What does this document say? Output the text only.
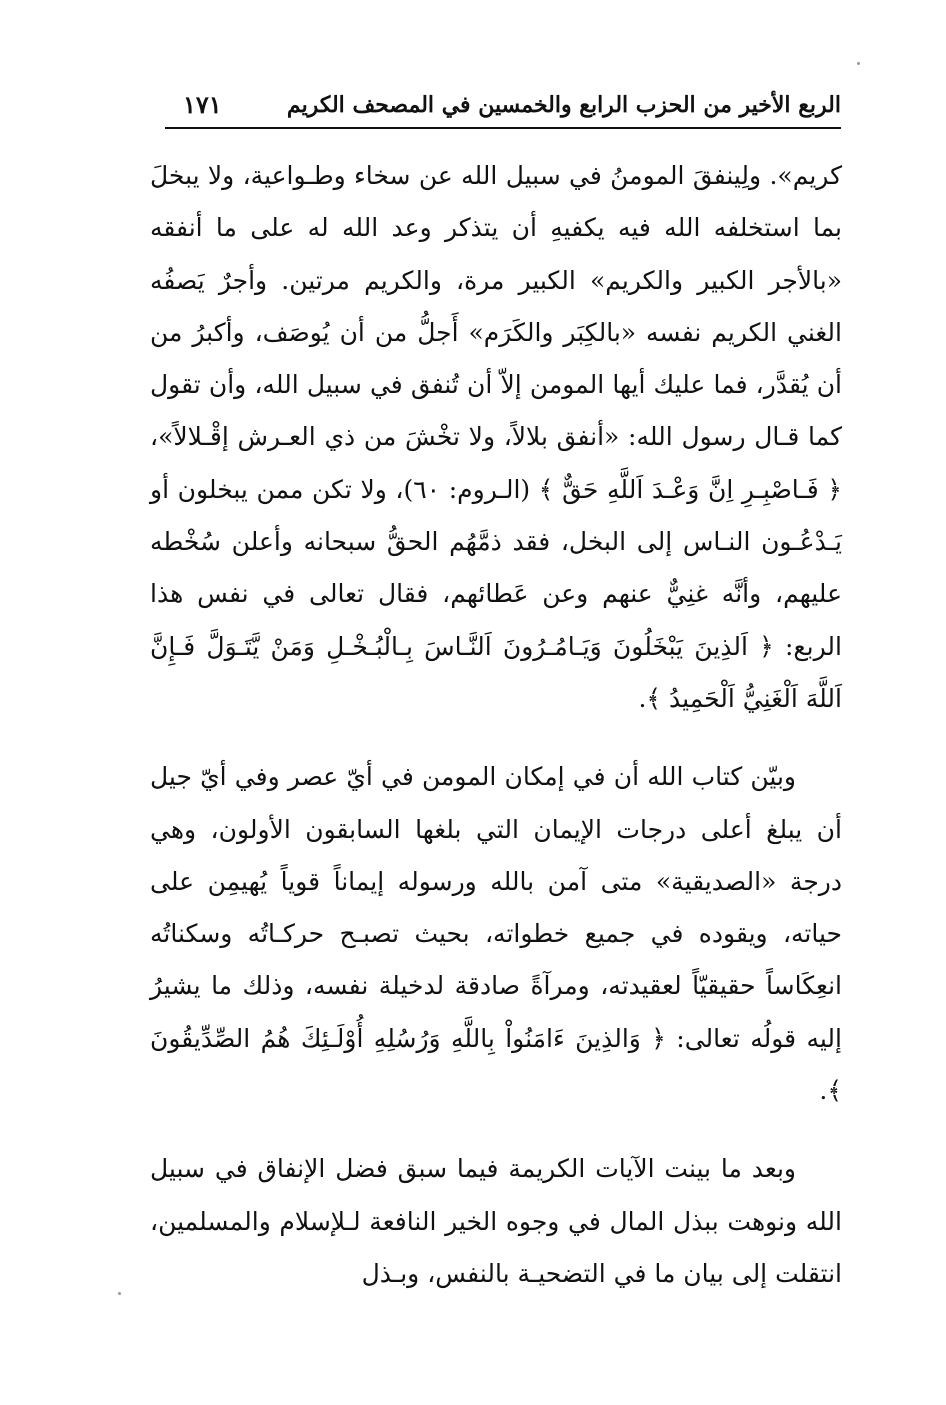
الربع الأخير من الحزب الرابع والخمسين في المصحف الكريم
١٧١

كريم». ولِينفقَ المومنُ في سبيل الله عن سخاء وطـواعية، ولا يبخلَ بما استخلفه الله فيه يكفيهِ أن يتذكر وعد الله له على ما أنفقه «بالأجر الكبير والكريم» الكبير مرة، والكريم مرتين. وأجرٌ يَصفُه الغني الكريم نفسه «بالكِبَر والكَرَم» أَجلُّ من أن يُوصَف، وأكبرُ من أن يُقدَّر، فما عليك أيها المومن إلاّ أن تُنفق في سبيل الله، وأن تقول كما قـال رسول الله: «أنفق بلالاً، ولا تخْشَ من ذي العـرش إقْـلالاً»، ﴿ فَـاصْبِـرِ اِنَّ وَعْـدَ اَللَّهِ حَقٌّ ﴾ (الـروم: ٦٠)، ولا تكن ممن يبخلون أو يَـدْعُـون النـاس إلى البخل، فقد ذمَّهُم الحقُّ سبحانه وأعلن سُخْطه عليهم، وأنَّه غنِيٌّ عنهم وعن عَطائهم، فقال تعالى في نفس هذا الربع: ﴿ اَلذِينَ يَبْخَلُونَ وَيَـامُـرُونَ اَلنَّـاسَ بِـالْبُـخْـلِ وَمَنْ يَّتَـوَلَّ فَـإِنَّ اَللَّهَ اَلْغَنِيُّ اَلْحَمِيدُ ﴾.

وبيّن كتاب الله أن في إمكان المومن في أيّ عصر وفي أيّ جيل أن يبلغ أعلى درجات الإيمان التي بلغها السابقون الأولون، وهي درجة «الصديقية» متى آمن بالله ورسوله إيماناً قوياً يُهيمِن على حياته، ويقوده في جميع خطواته، بحيث تصبـح حركـاتُه وسكناتُه انعِكَاساً حقيقيّاً لعقيدته، ومرآةً صادقة لدخيلة نفسه، وذلك ما يشيرُ إليه قولُه تعالى: ﴿ وَالذِينَ ءَامَنُواْ بِاللَّهِ وَرُسُلِهِ أُوْلَـئِكَ هُمُ الصِّدِّيقُونَ ﴾.

وبعد ما بينت الآيات الكريمة فيما سبق فضل الإنفاق في سبيل الله ونوهت ببذل المال في وجوه الخير النافعة لـلإسلام والمسلمين، انتقلت إلى بيان ما في التضحيـة بالنفس، وبـذل
